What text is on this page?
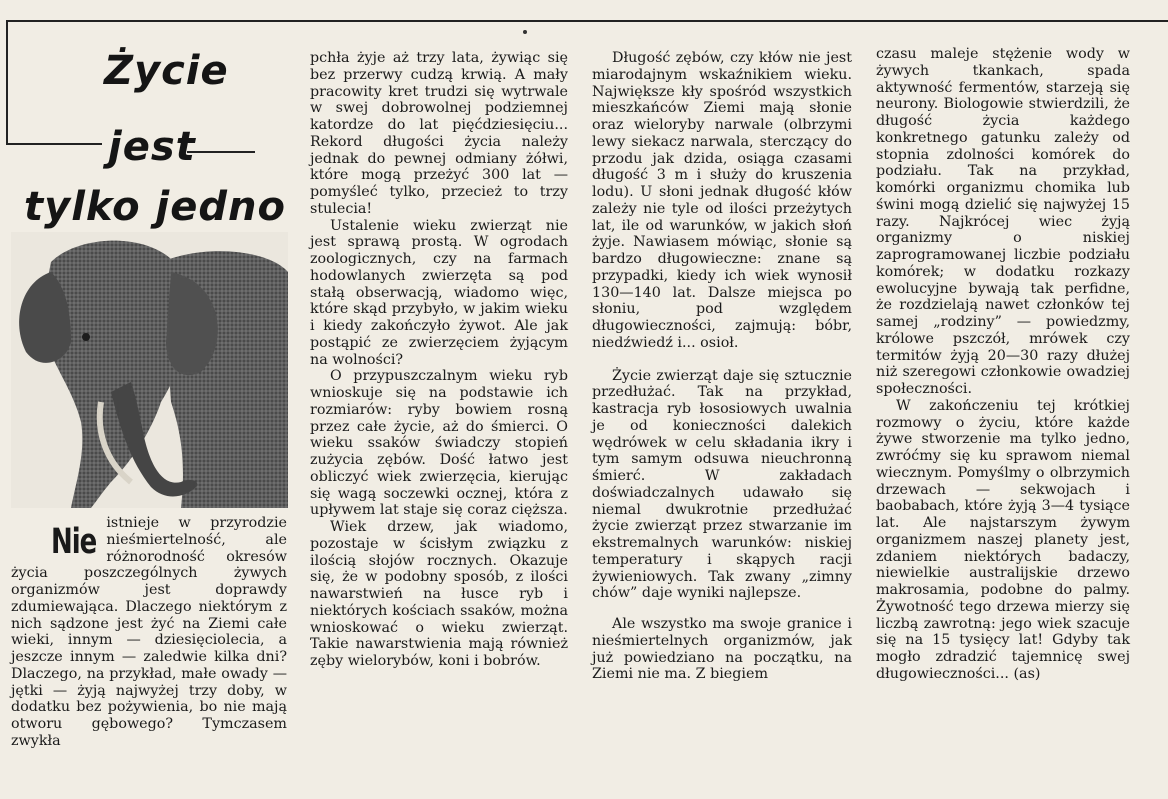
Życie
jest
tylko jedno

Nie istnieje w przyrodzie nieśmiertelność, ale różnorodność okresów życia poszczególnych żywych organizmów jest doprawdy zdumiewająca. Dlaczego niektórym z nich sądzone jest żyć na Ziemi całe wieki, innym — dziesięciolecia, a jeszcze innym — zaledwie kilka dni? Dlaczego, na przykład, małe owady — jętki — żyją najwyżej trzy doby, w dodatku bez pożywienia, bo nie mają otworu gębowego? Tymczasem zwykła

pchła żyje aż trzy lata, żywiąc się bez przerwy cudzą krwią. A mały pracowity kret trudzi się wytrwale w swej dobrowolnej podziemnej katordze do lat pięćdziesięciu... Rekord długości życia należy jednak do pewnej odmiany żółwi, które mogą przeżyć 300 lat — pomyśleć tylko, przecież to trzy stulecia!

Ustalenie wieku zwierząt nie jest sprawą prostą. W ogrodach zoologicznych, czy na farmach hodowlanych zwierzęta są pod stałą obserwacją, wiadomo więc, które skąd przybyło, w jakim wieku i kiedy zakończyło żywot. Ale jak postąpić ze zwierzęciem żyjącym na wolności?

O przypuszczalnym wieku ryb wnioskuje się na podstawie ich rozmiarów: ryby bowiem rosną przez całe życie, aż do śmierci. O wieku ssaków świadczy stopień zużycia zębów. Dość łatwo jest obliczyć wiek zwierzęcia, kierując się wagą soczewki ocznej, która z upływem lat staje się coraz cięższa.

Wiek drzew, jak wiadomo, pozostaje w ścisłym związku z ilością słojów rocznych. Okazuje się, że w podobny sposób, z ilości nawarstwień na łusce ryb i niektórych kościach ssaków, można wnioskować o wieku zwierząt. Takie nawarstwienia mają również zęby wielorybów, koni i bobrów.

Długość zębów, czy kłów nie jest miarodajnym wskaźnikiem wieku. Największe kły spośród wszystkich mieszkańców Ziemi mają słonie oraz wieloryby narwale (olbrzymi lewy siekacz narwala, sterczący do przodu jak dzida, osiąga czasami długość 3 m i służy do kruszenia lodu). U słoni jednak długość kłów zależy nie tyle od ilości przeżytych lat, ile od warunków, w jakich słoń żyje. Nawiasem mówiąc, słonie są bardzo długowieczne: znane są przypadki, kiedy ich wiek wynosił 130—140 lat. Dalsze miejsca po słoniu, pod względem długowieczności, zajmują: bóbr, niedźwiedź i... osioł.

Życie zwierząt daje się sztucznie przedłużać. Tak na przykład, kastracja ryb łososiowych uwalnia je od konieczności dalekich wędrówek w celu składania ikry i tym samym odsuwa nieuchronną śmierć. W zakładach doświadczalnych udawało się niemal dwukrotnie przedłużać życie zwierząt przez stwarzanie im ekstremalnych warunków: niskiej temperatury i skąpych racji żywieniowych. Tak zwany „zimny chów” daje wyniki najlepsze.

Ale wszystko ma swoje granice i nieśmiertelnych organizmów, jak już powiedziano na początku, na Ziemi nie ma. Z biegiem

czasu maleje stężenie wody w żywych tkankach, spada aktywność fermentów, starzeją się neurony. Biologowie stwierdzili, że długość życia każdego konkretnego gatunku zależy od stopnia zdolności komórek do podziału. Tak na przykład, komórki organizmu chomika lub świni mogą dzielić się najwyżej 15 razy. Najkrócej wiec żyją organizmy o niskiej zaprogramowanej liczbie podziału komórek; w dodatku rozkazy ewolucyjne bywają tak perfidne, że rozdzielają nawet członków tej samej „rodziny” — powiedzmy, królowe pszczół, mrówek czy termitów żyją 20—30 razy dłużej niż szeregowi członkowie owadziej społeczności.

W zakończeniu tej krótkiej rozmowy o życiu, które każde żywe stworzenie ma tylko jedno, zwróćmy się ku sprawom niemal wiecznym. Pomyślmy o olbrzymich drzewach — sekwojach i baobabach, które żyją 3—4 tysiące lat. Ale najstarszym żywym organizmem naszej planety jest, zdaniem niektórych badaczy, niewielkie australijskie drzewo makrosamia, podobne do palmy. Żywotność tego drzewa mierzy się liczbą zawrotną: jego wiek szacuje się na 15 tysięcy lat! Gdyby tak mogło zdradzić tajemnicę swej długowieczności... (as)
